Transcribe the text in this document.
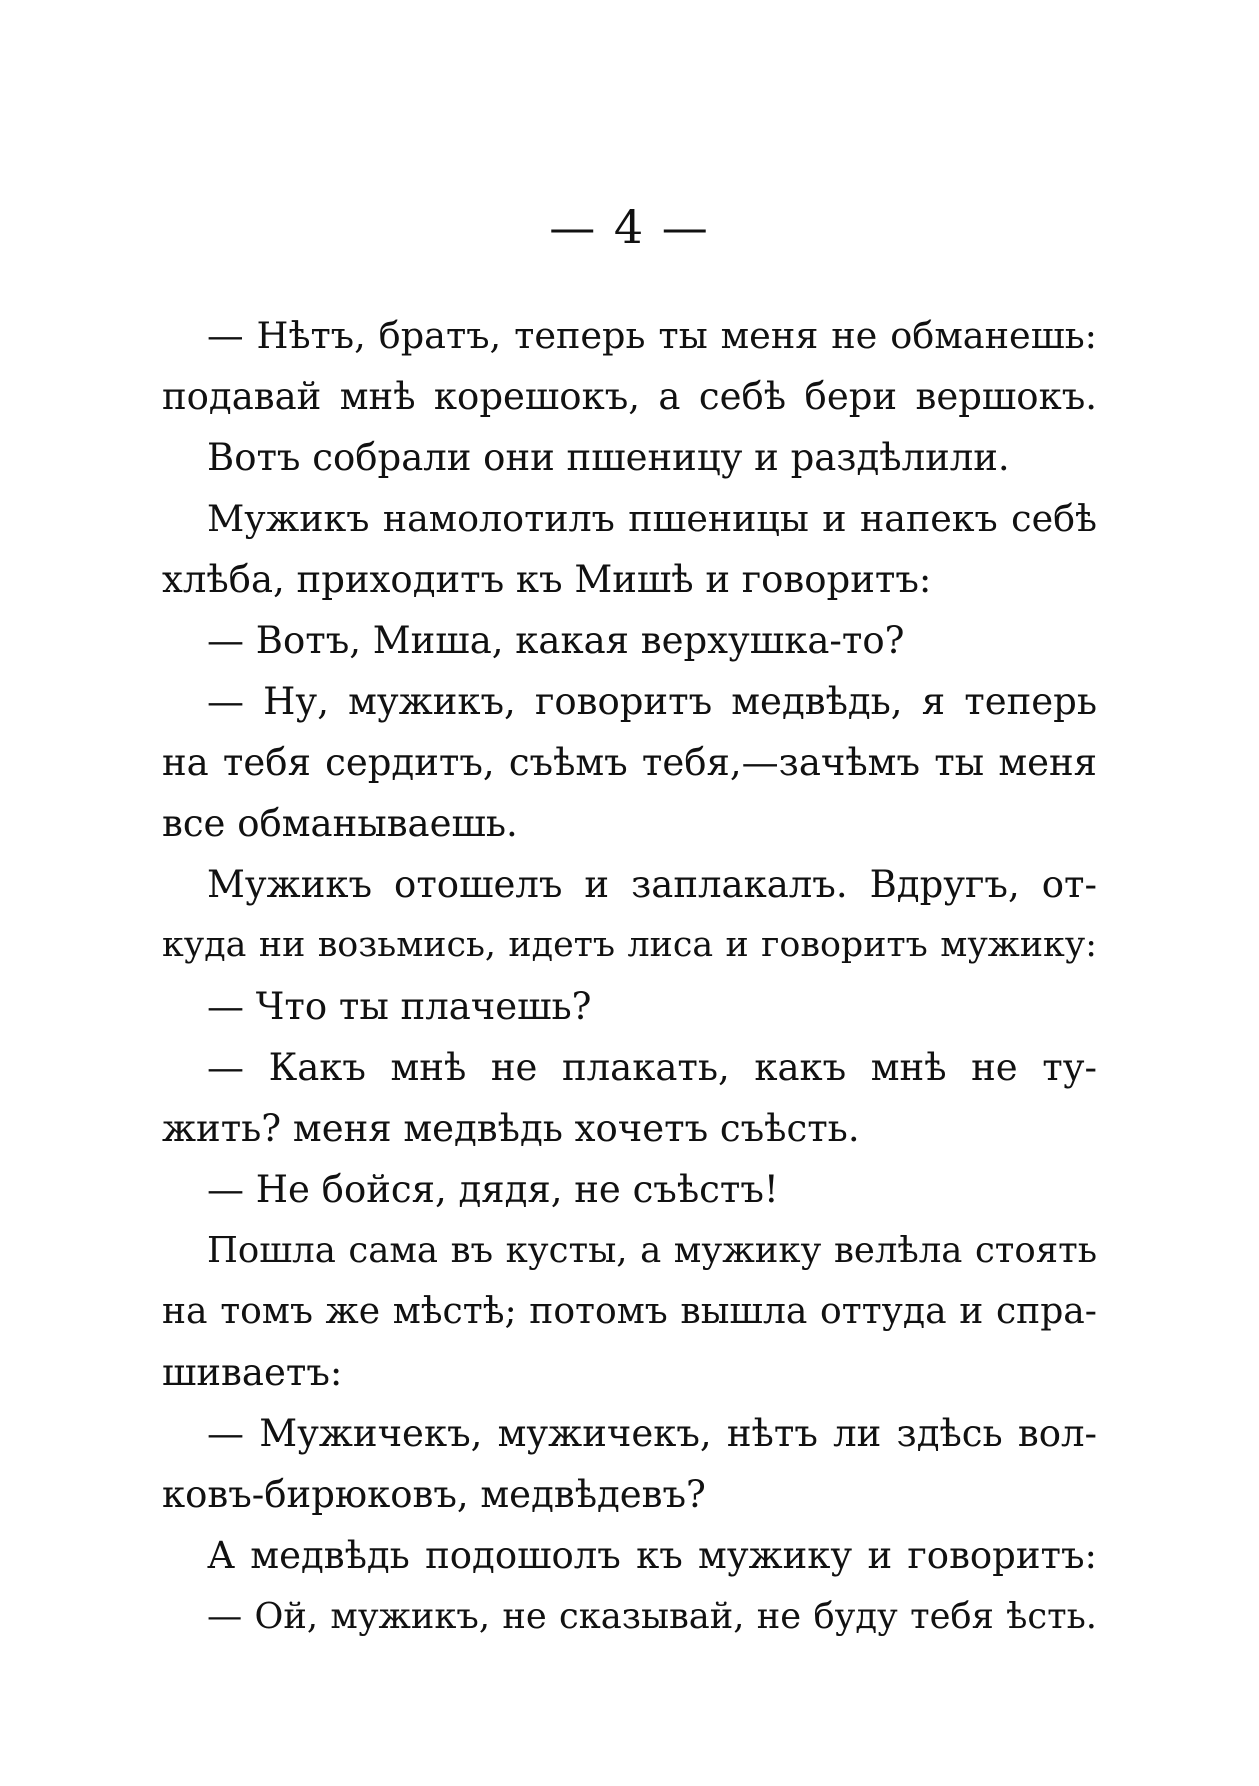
— 4 —
— Нѣтъ, братъ, теперь ты меня не обманешь:
подавай мнѣ корешокъ, а себѣ бери вершокъ.
Вотъ собрали они пшеницу и раздѣлили.
Мужикъ намолотилъ пшеницы и напекъ себѣ
хлѣба, приходитъ къ Мишѣ и говоритъ:
— Вотъ, Миша, какая верхушка-то?
— Ну, мужикъ, говоритъ медвѣдь, я теперь
на тебя сердитъ, съѣмъ тебя,—зачѣмъ ты меня
все обманываешь.
Мужикъ отошелъ и заплакалъ. Вдругъ, от-
куда ни возьмись, идетъ лиса и говоритъ мужику:
— Что ты плачешь?
— Какъ мнѣ не плакать, какъ мнѣ не ту-
жить? меня медвѣдь хочетъ съѣсть.
— Не бойся, дядя, не съѣстъ!
Пошла сама въ кусты, а мужику велѣла стоять
на томъ же мѣстѣ; потомъ вышла оттуда и спра-
шиваетъ:
— Мужичекъ, мужичекъ, нѣтъ ли здѣсь вол-
ковъ-бирюковъ, медвѣдевъ?
А медвѣдь подошолъ къ мужику и говоритъ:
— Ой, мужикъ, не сказывай, не буду тебя ѣсть.
